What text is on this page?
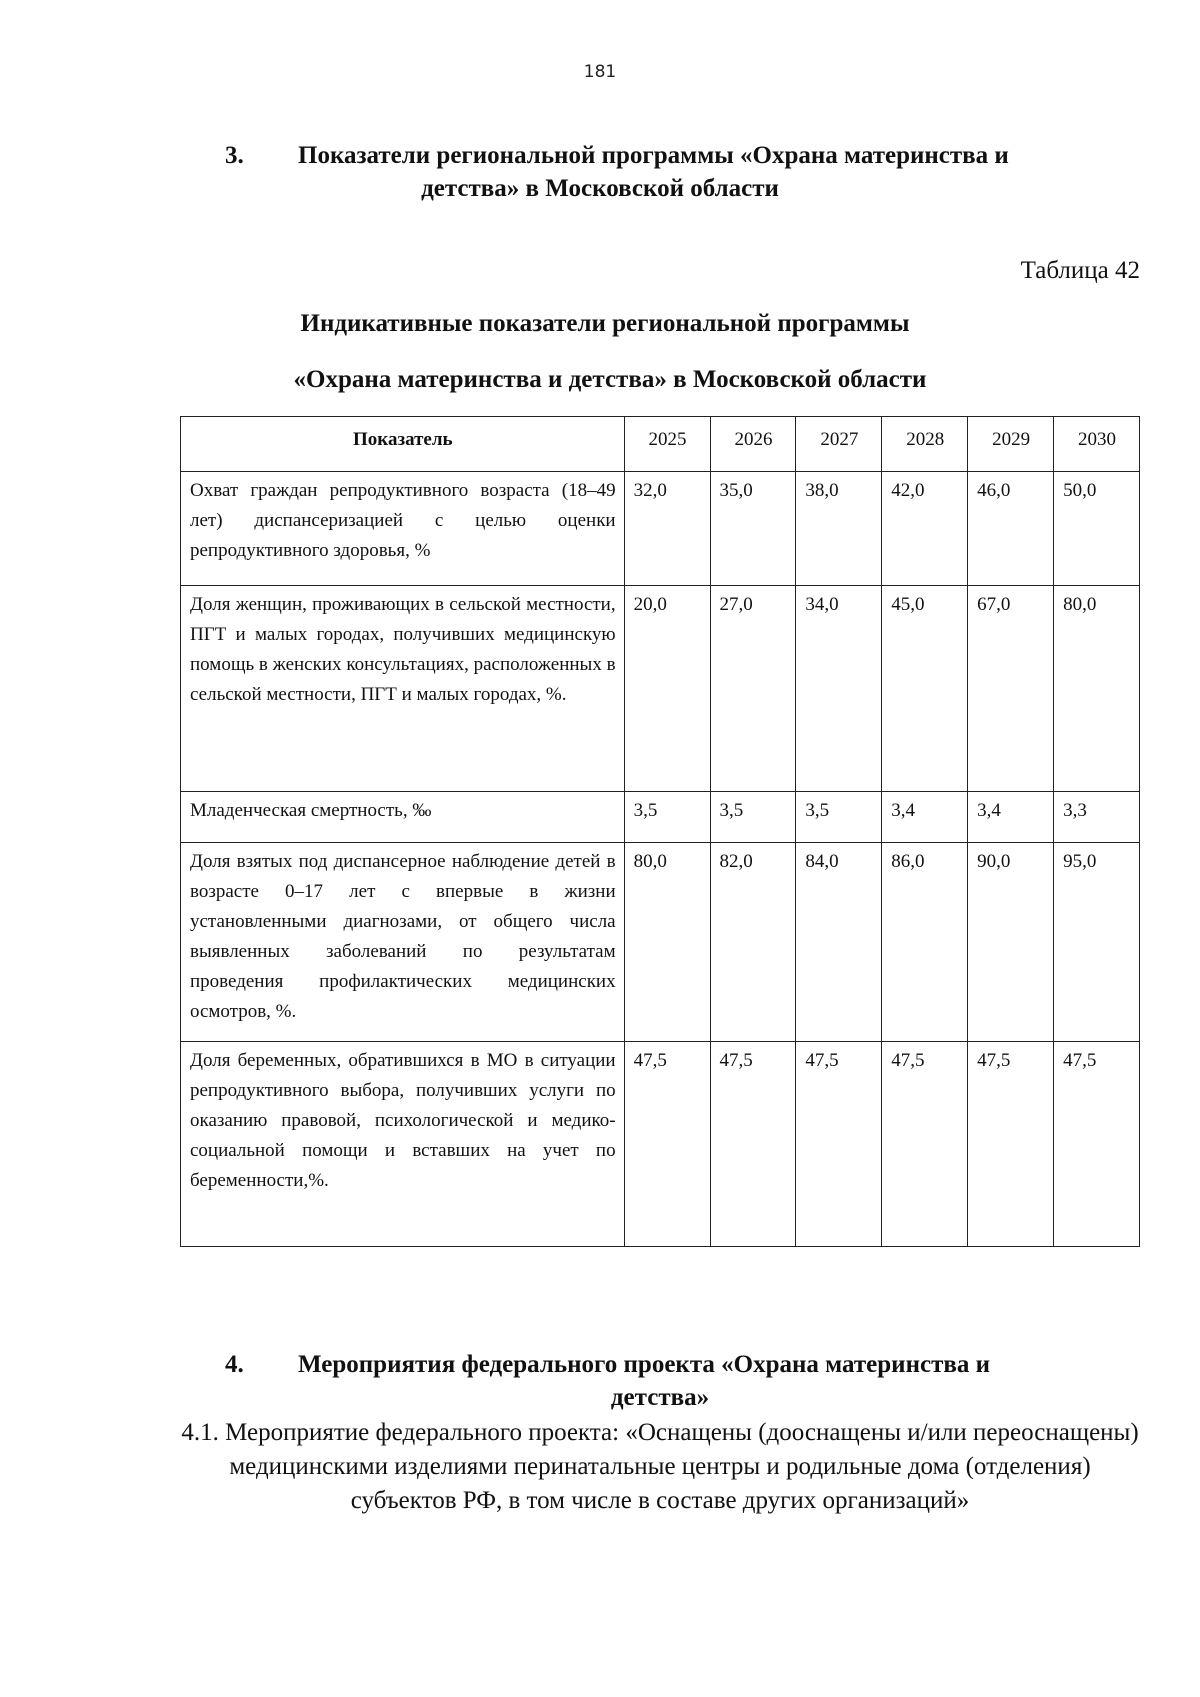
181
3. Показатели региональной программы «Охрана материнства и
детства» в Московской области
Таблица 42
Индикативные показатели региональной программы
«Охрана материнства и детства» в Московской области
Показатель	2025	2026	2027	2028	2029	2030
Охват граждан репродуктивного возраста (18–49 лет) диспансеризацией с целью оценки репродуктивного здоровья, %	32,0	35,0	38,0	42,0	46,0	50,0
Доля женщин, проживающих в сельской местности, ПГТ и малых городах, получивших медицинскую помощь в женских консультациях, расположенных в сельской местности, ПГТ и малых городах, %.	20,0	27,0	34,0	45,0	67,0	80,0
Младенческая смертность, ‰	3,5	3,5	3,5	3,4	3,4	3,3
Доля взятых под диспансерное наблюдение детей в возрасте 0–17 лет с впервые в жизни установленными диагнозами, от общего числа выявленных заболеваний по результатам проведения профилактических медицинских осмотров, %.	80,0	82,0	84,0	86,0	90,0	95,0
Доля беременных, обратившихся в МО в ситуации репродуктивного выбора, получивших услуги по оказанию правовой, психологической и медико-социальной помощи и вставших на учет по беременности,%.	47,5	47,5	47,5	47,5	47,5	47,5
4. Мероприятия федерального проекта «Охрана материнства и
детства»
4.1. Мероприятие федерального проекта: «Оснащены (дооснащены и/или переоснащены) медицинскими изделиями перинатальные центры и родильные дома (отделения) субъектов РФ, в том числе в составе других организаций»
